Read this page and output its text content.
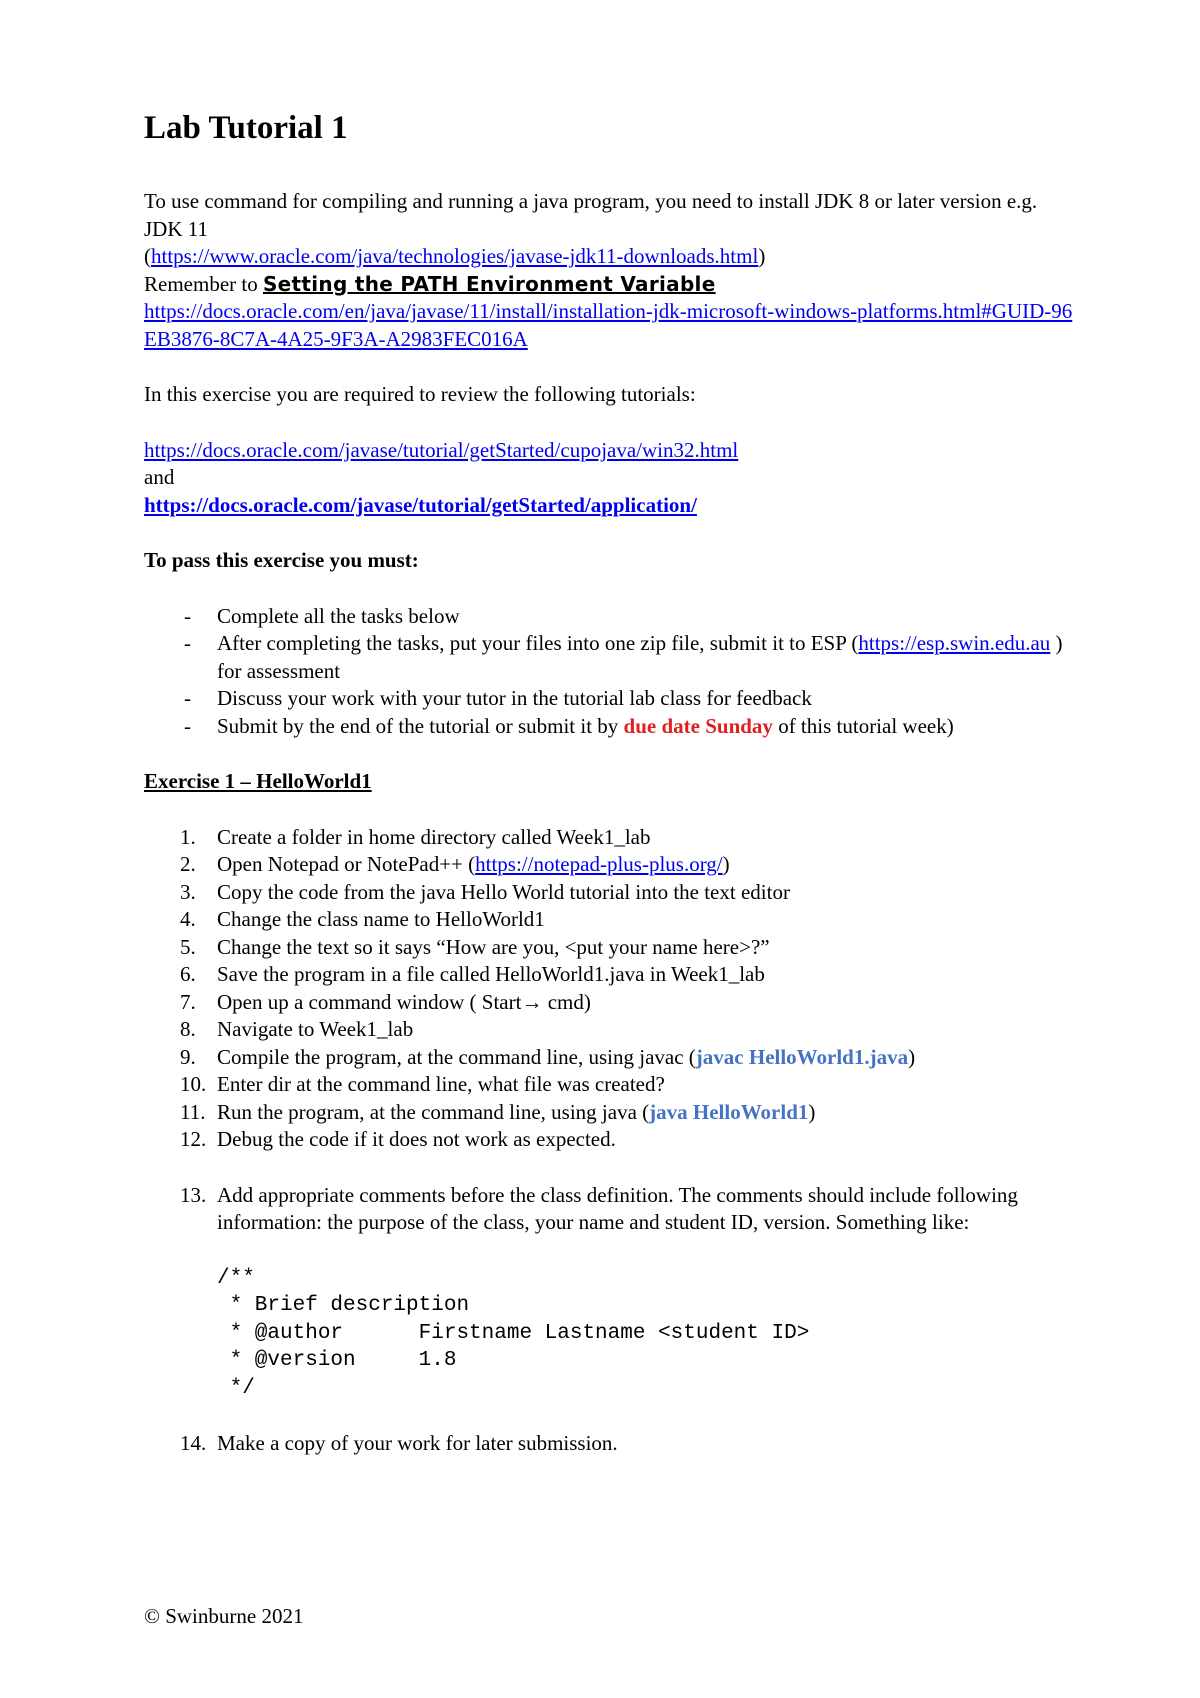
Lab Tutorial 1

To use command for compiling and running a java program, you need to install JDK 8 or later version e.g. JDK 11
(https://www.oracle.com/java/technologies/javase-jdk11-downloads.html)
Remember to Setting the PATH Environment Variable
https://docs.oracle.com/en/java/javase/11/install/installation-jdk-microsoft-windows-platforms.html#GUID-96EB3876-8C7A-4A25-9F3A-A2983FEC016A

In this exercise you are required to review the following tutorials:

https://docs.oracle.com/javase/tutorial/getStarted/cupojava/win32.html
and
https://docs.oracle.com/javase/tutorial/getStarted/application/

To pass this exercise you must:

- Complete all the tasks below
- After completing the tasks, put your files into one zip file, submit it to ESP (https://esp.swin.edu.au ) for assessment
- Discuss your work with your tutor in the tutorial lab class for feedback
- Submit by the end of the tutorial or submit it by due date Sunday of this tutorial week)

Exercise 1 – HelloWorld1

1.	Create a folder in home directory called Week1_lab
2.	Open Notepad or NotePad++ (https://notepad-plus-plus.org/)
3.	Copy the code from the java Hello World tutorial into the text editor
4.	Change the class name to HelloWorld1
5.	Change the text so it says “How are you, <put your name here>?”
6.	Save the program in a file called HelloWorld1.java in Week1_lab
7.	Open up a command window ( Start→ cmd)
8.	Navigate to Week1_lab
9.	Compile the program, at the command line, using javac (javac HelloWorld1.java)
10. Enter dir at the command line, what file was created?
11. Run the program, at the command line, using java (java HelloWorld1)
12. Debug the code if it does not work as expected.
13. Add appropriate comments before the class definition. The comments should include following information: the purpose of the class, your name and student ID, version. Something like:
/**
* Brief description
* @author      Firstname Lastname <student ID>
* @version     1.8
*/
14. Make a copy of your work for later submission.
© Swinburne 2021
